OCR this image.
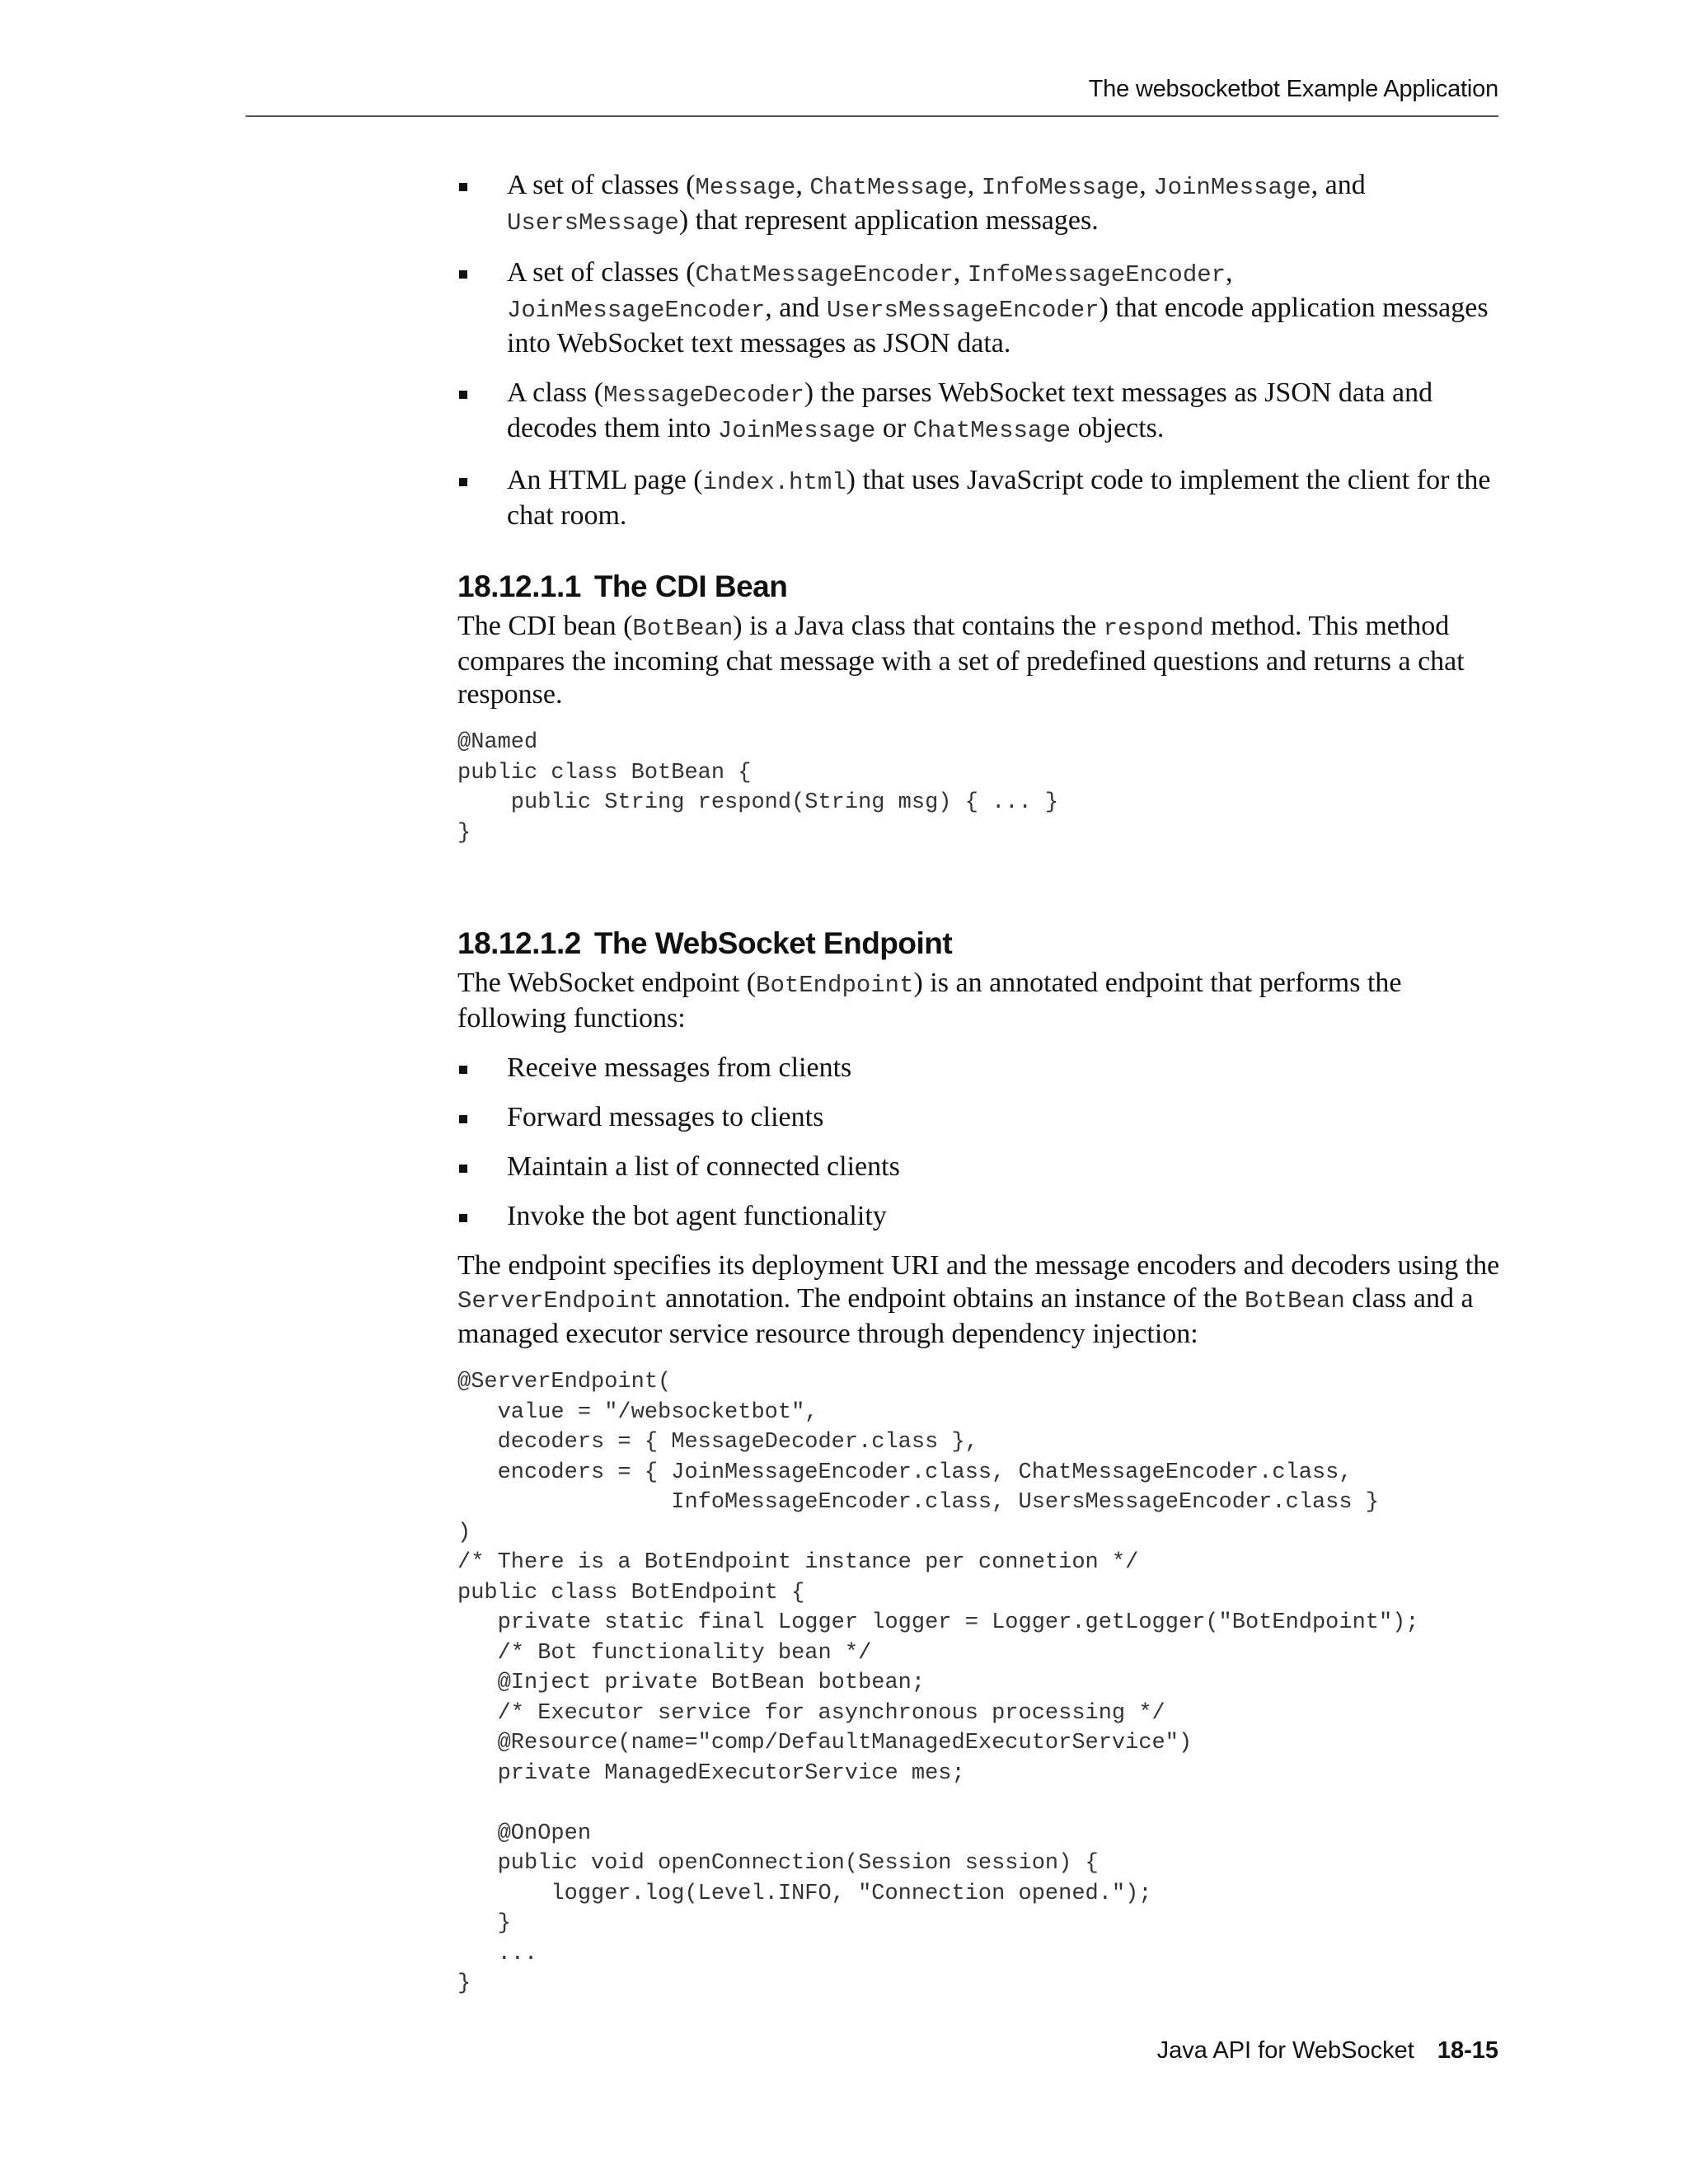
The websocketbot Example Application
A set of classes (Message, ChatMessage, InfoMessage, JoinMessage, and UsersMessage) that represent application messages.
A set of classes (ChatMessageEncoder, InfoMessageEncoder, JoinMessageEncoder, and UsersMessageEncoder) that encode application messages into WebSocket text messages as JSON data.
A class (MessageDecoder) the parses WebSocket text messages as JSON data and decodes them into JoinMessage or ChatMessage objects.
An HTML page (index.html) that uses JavaScript code to implement the client for the chat room.
18.12.1.1 The CDI Bean

The CDI bean (BotBean) is a Java class that contains the respond method. This method compares the incoming chat message with a set of predefined questions and returns a chat response.

@Named
public class BotBean {
public String respond(String msg) { ... }
}
18.12.1.2 The WebSocket Endpoint

The WebSocket endpoint (BotEndpoint) is an annotated endpoint that performs the following functions:

Receive messages from clients
Forward messages to clients
Maintain a list of connected clients
Invoke the bot agent functionality

The endpoint specifies its deployment URI and the message encoders and decoders using the ServerEndpoint annotation. The endpoint obtains an instance of the BotBean class and a managed executor service resource through dependency injection:

@ServerEndpoint(
value = "/websocketbot",
decoders = { MessageDecoder.class },
encoders = { JoinMessageEncoder.class, ChatMessageEncoder.class,
InfoMessageEncoder.class, UsersMessageEncoder.class }
)
/* There is a BotEndpoint instance per connetion */
public class BotEndpoint {
private static final Logger logger = Logger.getLogger("BotEndpoint");
/* Bot functionality bean */
@Inject private BotBean botbean;
/* Executor service for asynchronous processing */
@Resource(name="comp/DefaultManagedExecutorService")
private ManagedExecutorService mes;

@OnOpen
public void openConnection(Session session) {
logger.log(Level.INFO, "Connection opened.");
}
...
}
Java API for WebSocket 18-15
